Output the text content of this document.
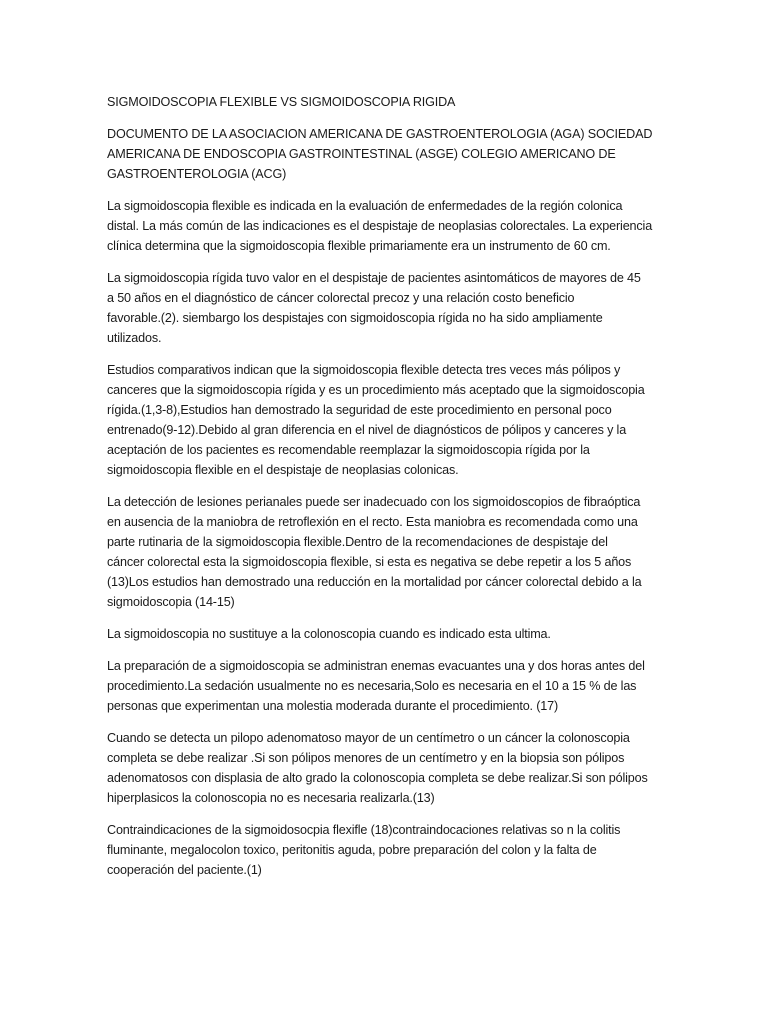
SIGMOIDOSCOPIA FLEXIBLE VS SIGMOIDOSCOPIA RIGIDA
DOCUMENTO DE LA ASOCIACION AMERICANA DE GASTROENTEROLOGIA (AGA) SOCIEDAD
AMERICANA DE ENDOSCOPIA GASTROINTESTINAL (ASGE) COLEGIO AMERICANO DE
GASTROENTEROLOGIA (ACG)
La sigmoidoscopia flexible es indicada en la evaluación de enfermedades de la región colonica
distal. La más común de las indicaciones es el despistaje de neoplasias colorectales. La experiencia
clínica determina que la sigmoidoscopia flexible primariamente era un instrumento de 60 cm.
La sigmoidoscopia rígida tuvo valor en el despistaje de pacientes asintomáticos de mayores de 45
a 50 años en el diagnóstico de cáncer colorectal precoz y una relación costo beneficio
favorable.(2). siembargo los despistajes con sigmoidoscopia rígida no ha sido ampliamente
utilizados.
Estudios comparativos indican que la sigmoidoscopia flexible detecta tres veces más pólipos y
canceres que la sigmoidoscopia rígida y es un procedimiento más aceptado que la sigmoidoscopia
rígida.(1,3-8),Estudios han demostrado la seguridad de este procedimiento en personal poco
entrenado(9-12).Debido al gran diferencia en el nivel de diagnósticos de pólipos y canceres y la
aceptación de los pacientes es recomendable reemplazar la sigmoidoscopia rígida por la
sigmoidoscopia flexible en el despistaje de neoplasias colonicas.
La detección de lesiones perianales puede ser inadecuado con los sigmoidoscopios de fibraóptica
en ausencia de la maniobra de retroflexión en el recto. Esta maniobra es recomendada como una
parte rutinaria de la sigmoidoscopia flexible.Dentro de la recomendaciones de despistaje del
cáncer colorectal esta la sigmoidoscopia flexible, si esta es negativa se debe repetir a los 5 años
(13)Los estudios han demostrado una reducción en la mortalidad por cáncer colorectal debido a la
sigmoidoscopia (14-15)
La sigmoidoscopia no sustituye a la colonoscopia cuando es indicado esta ultima.
La preparación de a sigmoidoscopia se administran enemas evacuantes una y dos horas antes del
procedimiento.La sedación usualmente no es necesaria,Solo es necesaria en el 10 a 15 % de las
personas que experimentan una molestia moderada durante el procedimiento. (17)
Cuando se detecta un pilopo adenomatoso mayor de un centímetro o un cáncer la colonoscopia
completa se debe realizar .Si son pólipos menores de un centímetro y en la biopsia son pólipos
adenomatosos con displasia de alto grado la colonoscopia completa se debe realizar.Si son pólipos
hiperplasicos la colonoscopia no es necesaria realizarla.(13)
Contraindicaciones de la sigmoidosocpia flexifle (18)contraindocaciones relativas so n la colitis
fluminante, megalocolon toxico, peritonitis aguda, pobre preparación del colon y la falta de
cooperación del paciente.(1)
